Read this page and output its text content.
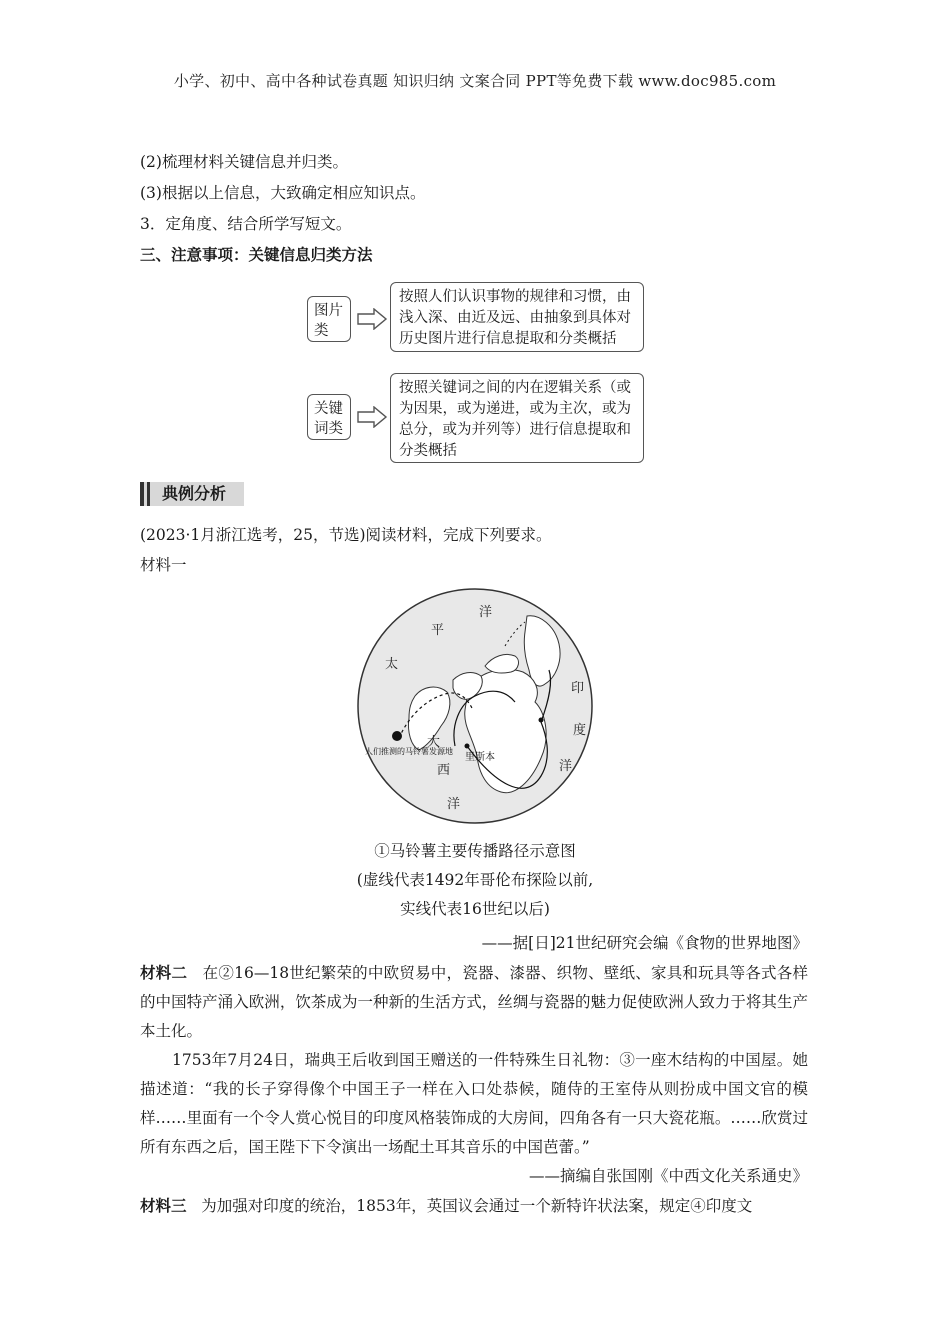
小学、初中、高中各种试卷真题 知识归纳 文案合同 PPT等免费下载 www.doc985.com
(2)梳理材料关键信息并归类。
(3)根据以上信息，大致确定相应知识点。
3．定角度、结合所学写短文。
三、注意事项：关键信息归类方法
图片类
按照人们认识事物的规律和习惯，由浅入深、由近及远、由抽象到具体对历史图片进行信息提取和分类概括
关键词类
按照关键词之间的内在逻辑关系（或为因果，或为递进，或为主次，或为总分，或为并列等）进行信息提取和分类概括
典例分析
(2023·1月浙江选考，25，节选)阅读材料，完成下列要求。
材料一
平
太
洋
印
度
洋
大
西
洋
里斯本
人们推测的马铃薯发源地
①马铃薯主要传播路径示意图
(虚线代表1492年哥伦布探险以前,
实线代表16世纪以后)
——据[日]21世纪研究会编《食物的世界地图》
材料二 在②16—18世纪繁荣的中欧贸易中，瓷器、漆器、织物、壁纸、家具和玩具等各式各样的中国特产涌入欧洲，饮茶成为一种新的生活方式，丝绸与瓷器的魅力促使欧洲人致力于将其生产本土化。
1753年7月24日，瑞典王后收到国王赠送的一件特殊生日礼物：③一座木结构的中国屋。她描述道：“我的长子穿得像个中国王子一样在入口处恭候，随侍的王室侍从则扮成中国文官的模样……里面有一个令人赏心悦目的印度风格装饰成的大房间，四角各有一只大瓷花瓶。……欣赏过所有东西之后，国王陛下下令演出一场配土耳其音乐的中国芭蕾。”
——摘编自张国刚《中西文化关系通史》
材料三 为加强对印度的统治，1853年，英国议会通过一个新特许状法案，规定④印度文
